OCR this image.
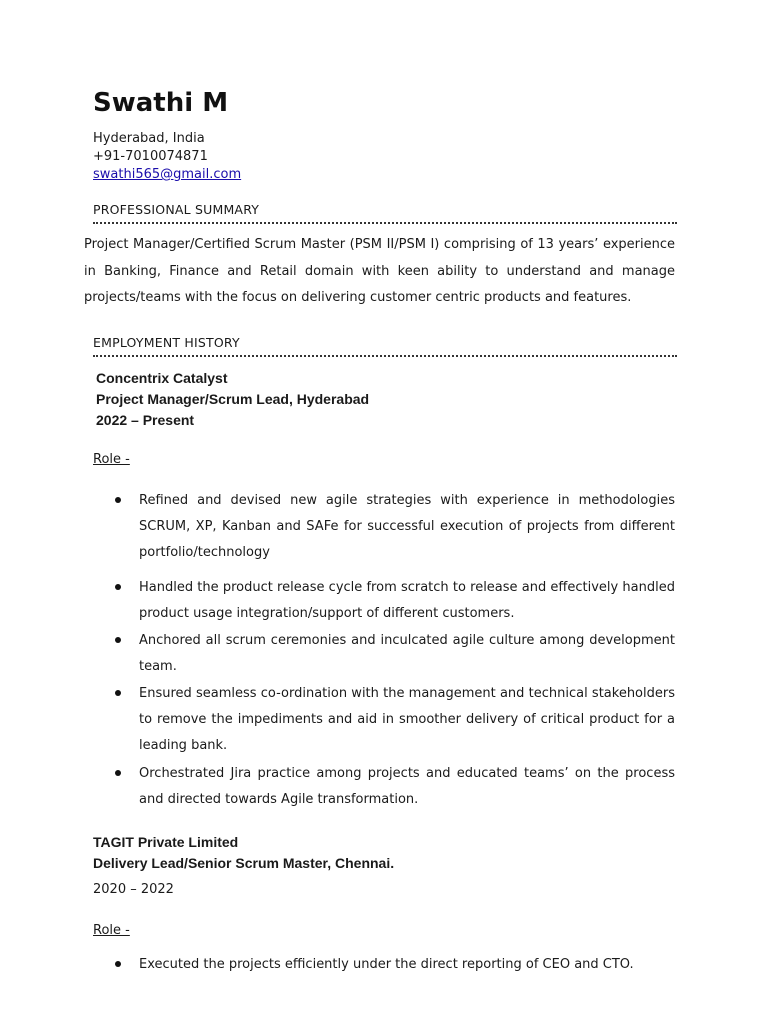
Swathi M
Hyderabad, India
+91-7010074871
swathi565@gmail.com
PROFESSIONAL SUMMARY

Project Manager/Certified Scrum Master (PSM II/PSM I) comprising of 13 years’ experience in Banking, Finance and Retail domain with keen ability to understand and manage projects/teams with the focus on delivering customer centric products and features.

EMPLOYMENT HISTORY
Concentrix Catalyst
Project Manager/Scrum Lead, Hyderabad
2022 – Present
Role -

Refined and devised new agile strategies with experience in methodologies SCRUM, XP, Kanban and SAFe for successful execution of projects from different portfolio/technology

Handled the product release cycle from scratch to release and effectively handled product usage integration/support of different customers.

Anchored all scrum ceremonies and inculcated agile culture among development team.

Ensured seamless co-ordination with the management and technical stakeholders to remove the impediments and aid in smoother delivery of critical product for a leading bank.

Orchestrated Jira practice among projects and educated teams’ on the process and directed towards Agile transformation.

TAGIT Private Limited
Delivery Lead/Senior Scrum Master, Chennai.
2020 – 2022
Role -

Executed the projects efficiently under the direct reporting of CEO and CTO.
